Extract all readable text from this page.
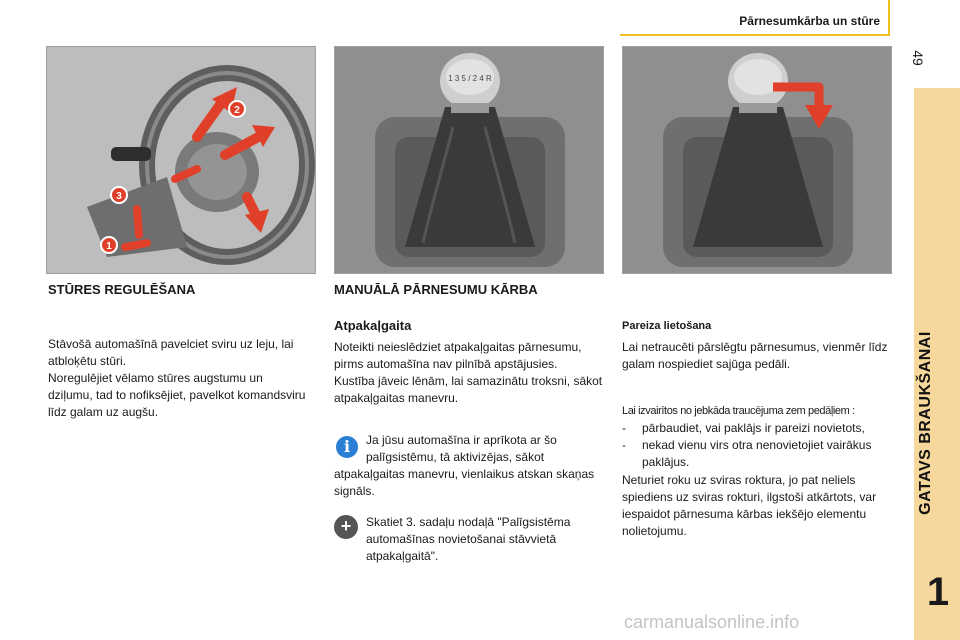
Pārnesumkārba un stūre
49
GATAVS BRAUKŠANAI
1
2
3
1
1 3 5 / 2 4 R
STŪRES REGULĒŠANA
Stāvošā automašīnā pavelciet sviru uz leju, lai atbloķētu stūri.
Noregulējiet vēlamo stūres augstumu un dziļumu, tad to nofiksējiet, pavelkot komandsviru līdz galam uz augšu.
MANUĀLĀ PĀRNESUMU KĀRBA
Atpakaļgaita
Noteikti neieslēdziet atpakaļgaitas pārnesumu, pirms automašīna nav pilnībā apstājusies.
Kustība jāveic lēnām, lai samazinātu troksni, sākot atpakaļgaitas manevru.
i	Ja jūsu automašīna ir aprīkota ar šo palīgsistēmu, tā aktivizējas, sākot
atpakaļgaitas manevru, vienlaikus atskan skaņas signāls.
+	Skatiet 3. sadaļu nodaļā "Palīgsistēma automašīnas novietošanai stāvvietā atpakaļgaitā".
Pareiza lietošana
Lai netraucēti pārslēgtu pārnesumus, vienmēr līdz galam nospiediet sajūga pedāli.
Lai izvairītos no jebkāda traucējuma zem pedāļiem :
-	pārbaudiet, vai paklājs ir pareizi novietots,
-	nekad vienu virs otra nenovietojiet vairākus paklājus.
Neturiet roku uz sviras roktura, jo pat neliels spiediens uz sviras rokturi, ilgstoši atkārtots, var iespaidot pārnesuma kārbas iekšējo elementu nolietojumu.
carmanualsonline.info
